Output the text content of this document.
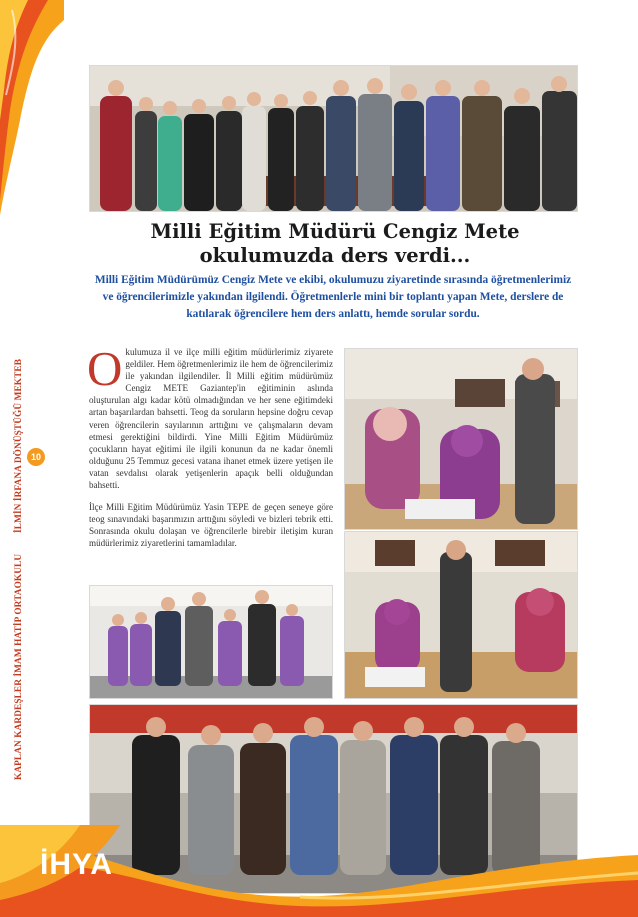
KAPLAN KARDEŞLER İMAM HATİP ORTAOKULU  İLMİN İRFANA DÖNÜŞTÜĞÜ MEKTEB 10
Milli Eğitim Müdürü Cengiz Mete okulumuzda ders verdi...

Milli Eğitim Müdürümüz Cengiz Mete ve ekibi, okulumuzu ziyaretinde sırasında öğretmenlerimiz ve öğrencilerimizle yakından ilgilendi. Öğretmenlerle mini bir toplantı yapan Mete, derslere de katılarak öğrencilere hem ders anlattı, hemde sorular sordu.

Okulumuza il ve ilçe milli eğitim müdürlerimiz ziyarete geldiler. Hem öğretmenlerimiz ile hem de öğrencilerimiz ile yakından ilgilendiler. İl Milli eğitim müdürümüz Cengiz METE Gaziantep'in eğitiminin aslında oluşturulan algı kadar kötü olmadığından ve her sene eğitimdeki artan başarılardan bahsetti. Teog da soruların hepsine doğru cevap veren öğrencilerin sayılarının arttığını ve çalışmaların devam etmesi gerektiğini bildirdi. Yine Milli Eğitim Müdürümüz çocukların hayat eğitimi ile ilgili konunun da ne kadar önemli olduğunu 25 Temmuz gecesi vatana ihanet etmek üzere yetişen ile vatan sevdalısı olarak yetişenlerin apaçık belli olduğundan bahsetti.

İlçe Milli Eğitim Müdürümüz Yasin TEPE de geçen seneye göre teog sınavındaki başarımızın arttığını söyledi ve bizleri tebrik etti. Sonrasında okulu dolaşan ve öğrencilerle birebir iletişim kuran müdürlerimiz ziyaretlerini tamamladılar.

İHYA
